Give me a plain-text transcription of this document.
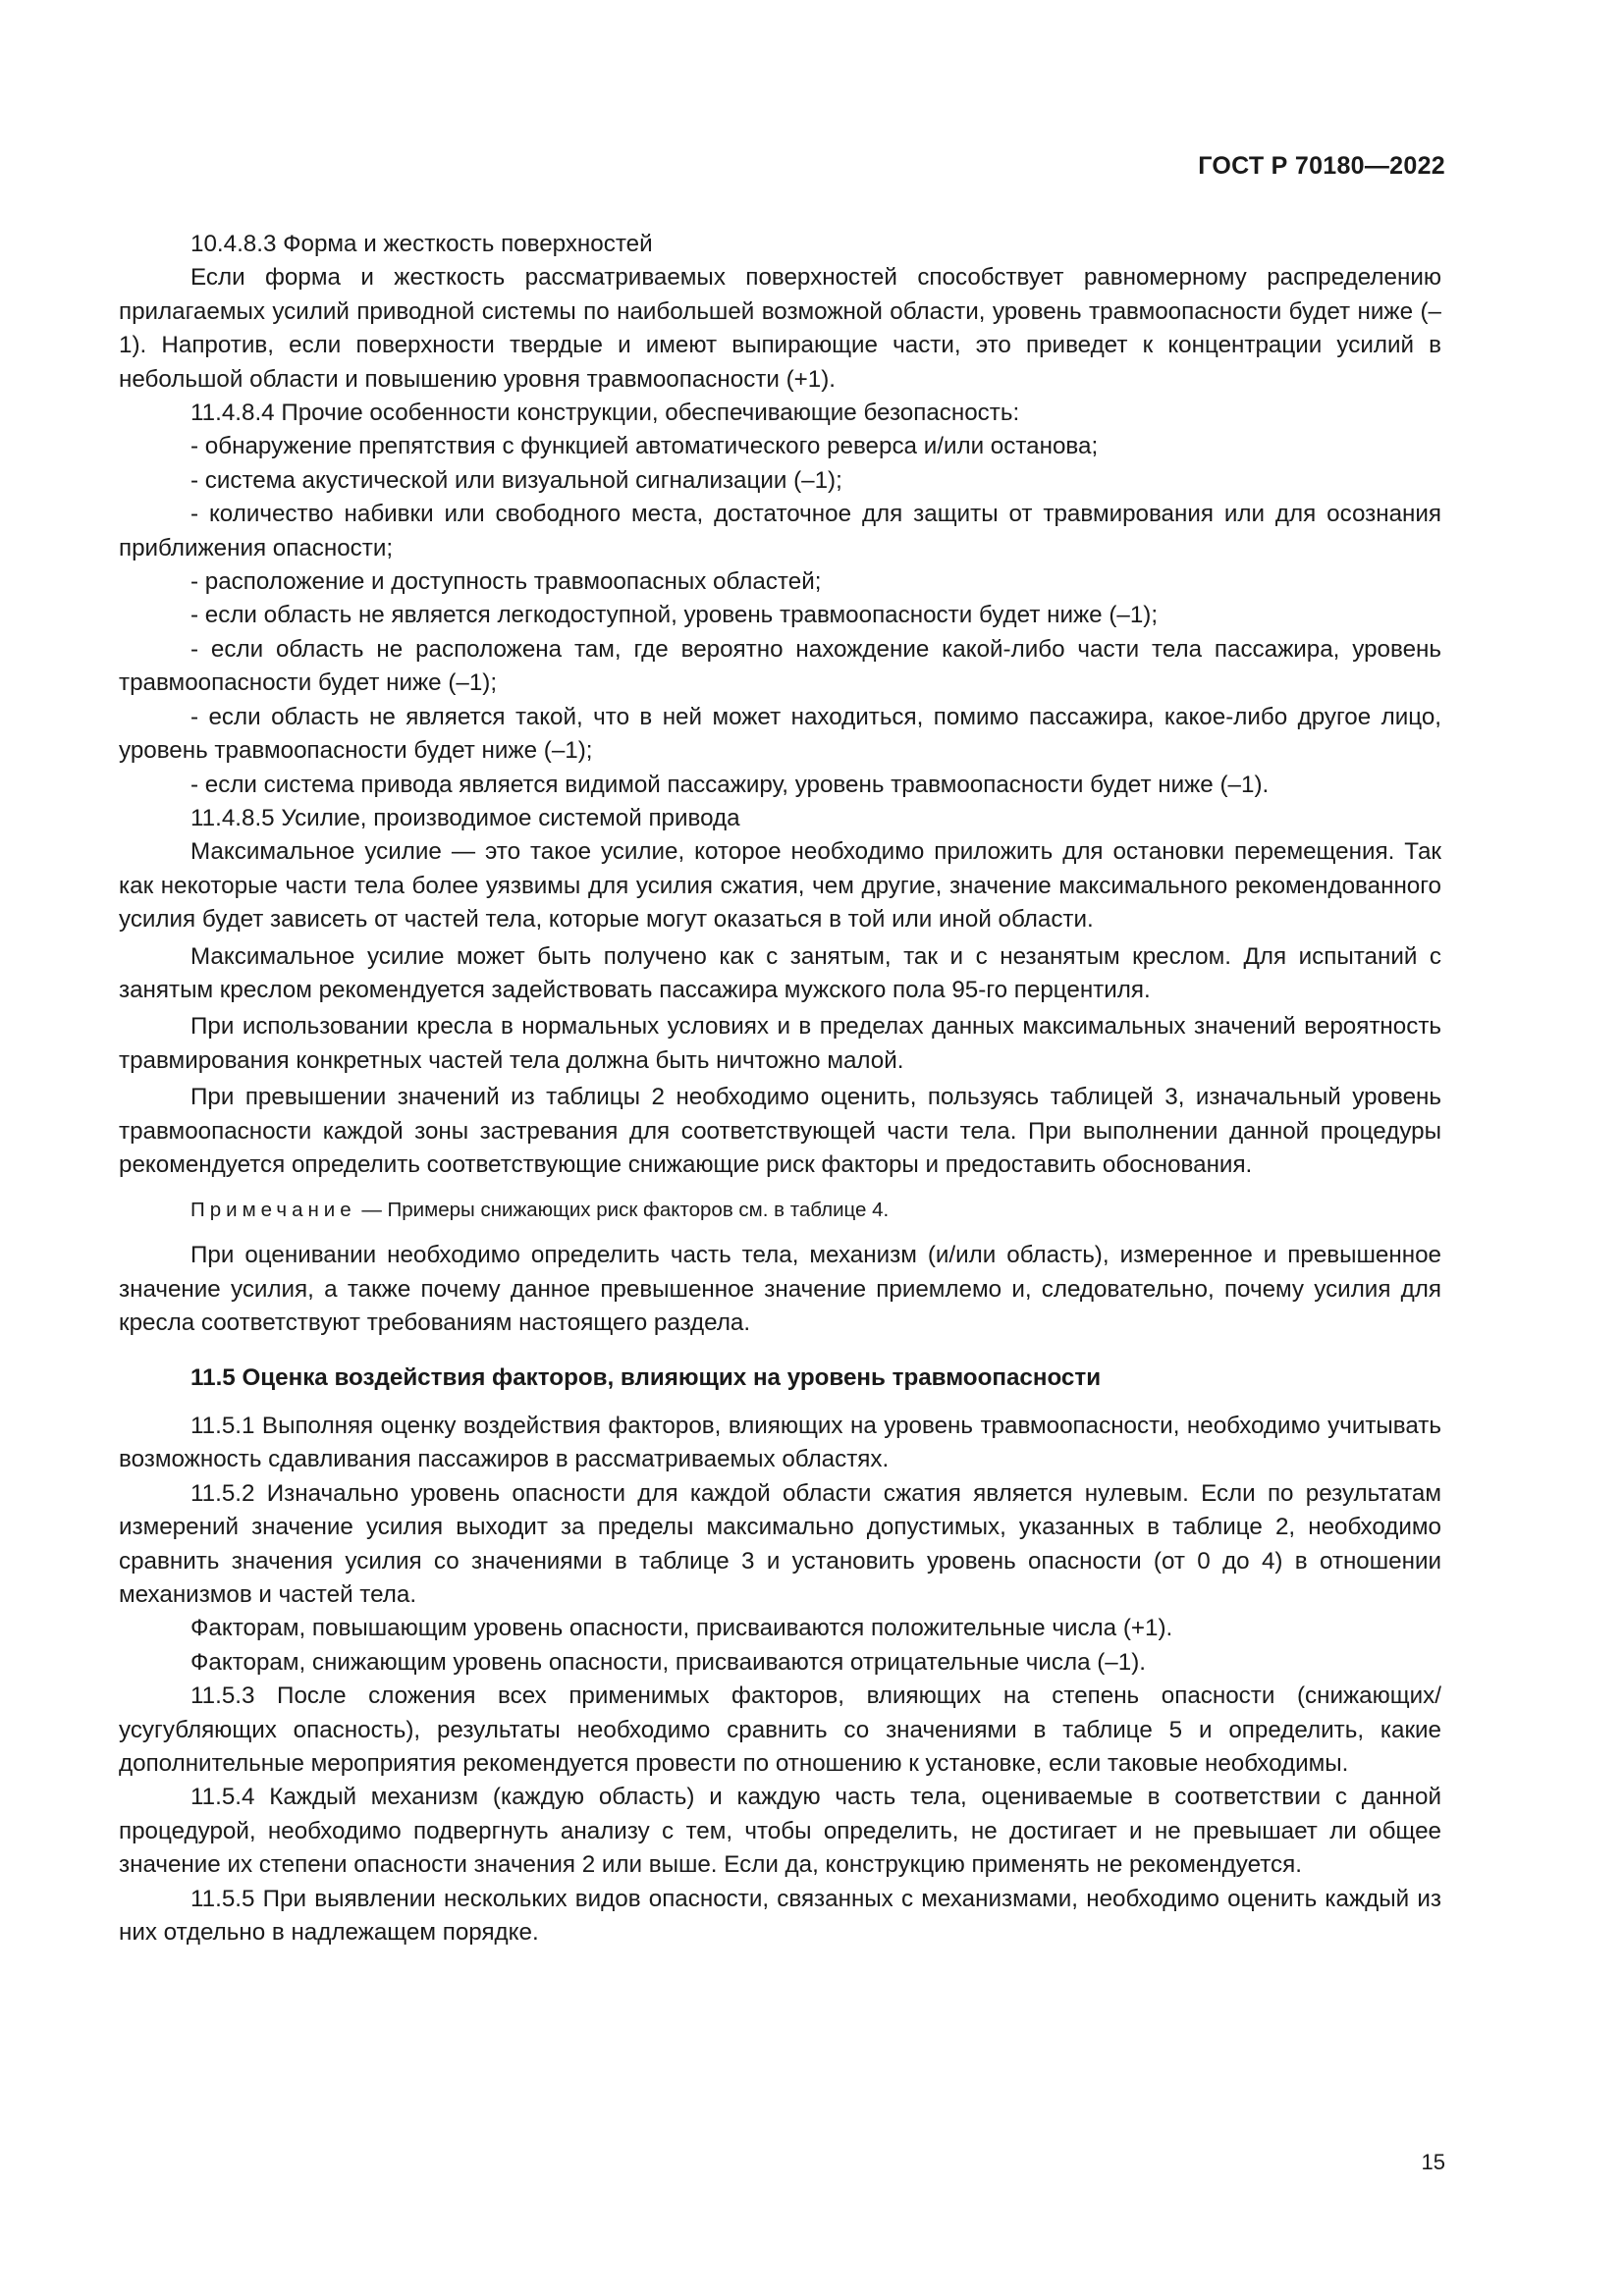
ГОСТ Р 70180—2022

10.4.8.3 Форма и жесткость поверхностей

Если форма и жесткость рассматриваемых поверхностей способствует равномерному распределению прилагаемых усилий приводной системы по наибольшей возможной области, уровень травмоопасности будет ниже (–1). Напротив, если поверхности твердые и имеют выпирающие части, это приведет к концентрации усилий в небольшой области и повышению уровня травмоопасности (+1).

11.4.8.4 Прочие особенности конструкции, обеспечивающие безопасность:

- обнаружение препятствия с функцией автоматического реверса и/или останова;

- система акустической или визуальной сигнализации (–1);

- количество набивки или свободного места, достаточное для защиты от травмирования или для осознания приближения опасности;

- расположение и доступность травмоопасных областей;

- если область не является легкодоступной, уровень травмоопасности будет ниже (–1);

- если область не расположена там, где вероятно нахождение какой-либо части тела пассажира, уровень травмоопасности будет ниже (–1);

- если область не является такой, что в ней может находиться, помимо пассажира, какое-либо другое лицо, уровень травмоопасности будет ниже (–1);

- если система привода является видимой пассажиру, уровень травмоопасности будет ниже (–1).

11.4.8.5 Усилие, производимое системой привода

Максимальное усилие — это такое усилие, которое необходимо приложить для остановки перемещения. Так как некоторые части тела более уязвимы для усилия сжатия, чем другие, значение максимального рекомендованного усилия будет зависеть от частей тела, которые могут оказаться в той или иной области.

Максимальное усилие может быть получено как с занятым, так и с незанятым креслом. Для испытаний с занятым креслом рекомендуется задействовать пассажира мужского пола 95-го перцентиля.

При использовании кресла в нормальных условиях и в пределах данных максимальных значений вероятность травмирования конкретных частей тела должна быть ничтожно малой.

При превышении значений из таблицы 2 необходимо оценить, пользуясь таблицей 3, изначальный уровень травмоопасности каждой зоны застревания для соответствующей части тела. При выполнении данной процедуры рекомендуется определить соответствующие снижающие риск факторы и предоставить обоснования.

Примечание — Примеры снижающих риск факторов см. в таблице 4.

При оценивании необходимо определить часть тела, механизм (и/или область), измеренное и превышенное значение усилия, а также почему данное превышенное значение приемлемо и, следовательно, почему усилия для кресла соответствуют требованиям настоящего раздела.

11.5 Оценка воздействия факторов, влияющих на уровень травмоопасности

11.5.1 Выполняя оценку воздействия факторов, влияющих на уровень травмоопасности, необходимо учитывать возможность сдавливания пассажиров в рассматриваемых областях.

11.5.2 Изначально уровень опасности для каждой области сжатия является нулевым. Если по результатам измерений значение усилия выходит за пределы максимально допустимых, указанных в таблице 2, необходимо сравнить значения усилия со значениями в таблице 3 и установить уровень опасности (от 0 до 4) в отношении механизмов и частей тела.

Факторам, повышающим уровень опасности, присваиваются положительные числа (+1).

Факторам, снижающим уровень опасности, присваиваются отрицательные числа (–1).

11.5.3 После сложения всех применимых факторов, влияющих на степень опасности (снижающих/усугубляющих опасность), результаты необходимо сравнить со значениями в таблице 5 и определить, какие дополнительные мероприятия рекомендуется провести по отношению к установке, если таковые необходимы.

11.5.4 Каждый механизм (каждую область) и каждую часть тела, оцениваемые в соответствии с данной процедурой, необходимо подвергнуть анализу с тем, чтобы определить, не достигает и не превышает ли общее значение их степени опасности значения 2 или выше. Если да, конструкцию применять не рекомендуется.

11.5.5 При выявлении нескольких видов опасности, связанных с механизмами, необходимо оценить каждый из них отдельно в надлежащем порядке.

15
